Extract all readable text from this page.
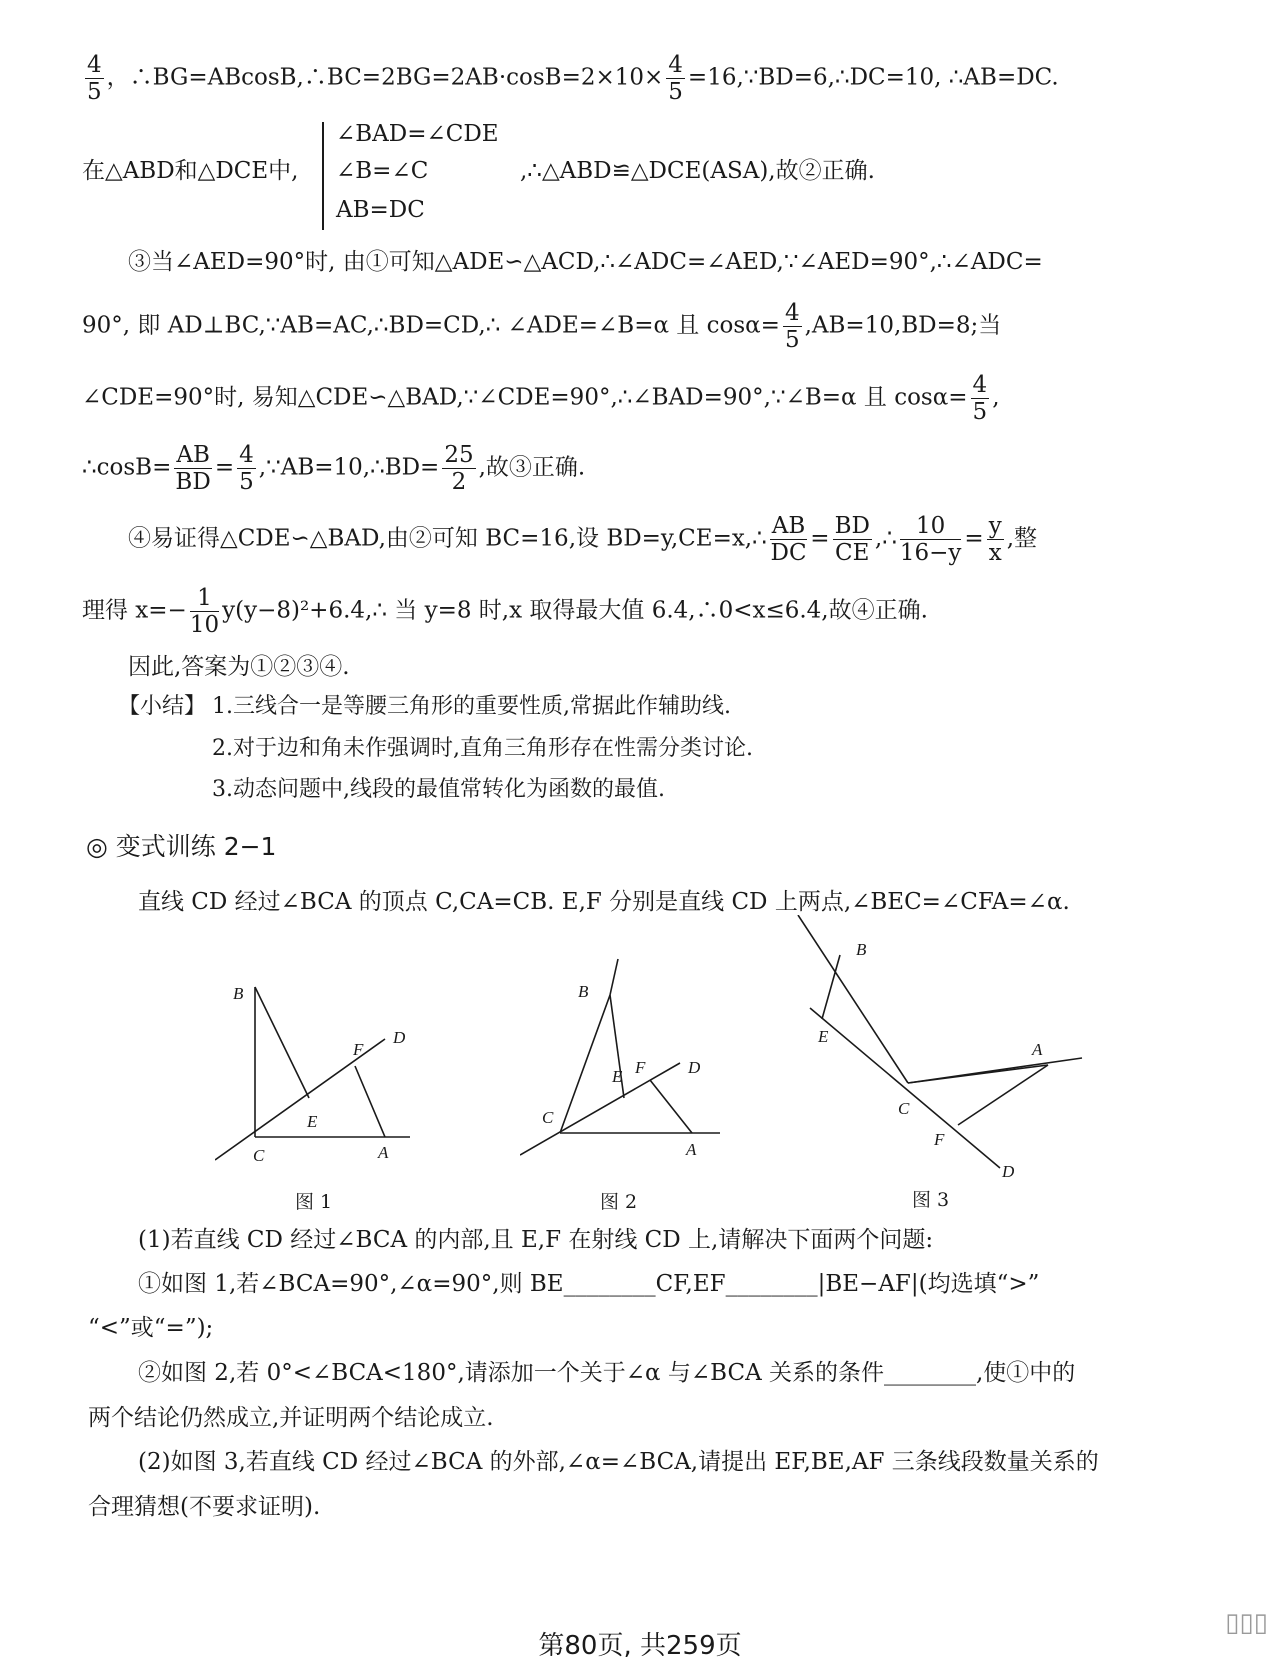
$\frac{4}{5}$ ，∴BG=ABcosB,∴BC=2BG=2AB·cosB=2×10× $\frac{4}{5}$ =16,∵BD=6,∴DC=10, ∴AB=DC.
在△ABD和△DCE中,
∠BAD=∠CDE
∠B=∠C
AB=DC
,∴△ABD≌△DCE(ASA),故②正确.
③当∠AED=90°时, 由①可知△ADE∽△ACD,∴∠ADC=∠AED,∵∠AED=90°,∴∠ADC=
90°, 即 AD⊥BC,∵AB=AC,∴BD=CD,∴ ∠ADE=∠B=α 且 $\cos\alpha= \frac{4}{5} ,AB=10,BD=8$;当
∠CDE=90°时, 易知△CDE∽△BAD,∵∠CDE=90°,∴∠BAD=90°,∵∠B=α 且 $\cos\alpha= \frac{4}{5}$ ,
∴cosB= $\frac{AB}{BD} = \frac{4}{5}$ ,∵AB=10,∴BD= $\frac{25}{2}$ ,故③正确.
④易证得△CDE∽△BAD,由②可知 BC=16,设 BD=y,CE=x,∴ $\frac{AB}{DC} = \frac{BD}{CE}$ ,∴ $\frac{10}{16-y} = \frac{y}{x}$ ,整
理得 $x=- \frac{1}{10}$ y(y−8)²+6.4,∴ 当 y=8 时,x 取得最大值 6.4,∴0<x≤6.4,故④正确.
因此,答案为①②③④.
【小结】 1.三线合一是等腰三角形的重要性质,常据此作辅助线.
2.对于边和角未作强调时,直角三角形存在性需分类讨论.
3.动态问题中,线段的最值常转化为函数的最值.
◎ 变式训练 2−1
直线 CD 经过∠BCA 的顶点 C,CA=CB. E,F 分别是直线 CD 上两点,∠BEC=∠CFA=∠α.
B
F
D
E
C	A
图 1
B
E F	D
C
A
图 2
B
E
A
C
F
D
图 3
(1)若直线 CD 经过∠BCA 的内部,且 E,F 在射线 CD 上,请解决下面两个问题:
①如图 1,若∠BCA=90°,∠α=90°,则 BE________CF,EF________|BE−AF|(均选填“>”
“<”或“=”);
②如图 2,若 0°<∠BCA<180°,请添加一个关于∠α 与∠BCA 关系的条件________,使①中的
两个结论仍然成立,并证明两个结论成立.
(2)如图 3,若直线 CD 经过∠BCA 的外部,∠α=∠BCA,请提出 EF,BE,AF 三条线段数量关系的
合理猜想(不要求证明).
第80页, 共259页
▯▯▯
